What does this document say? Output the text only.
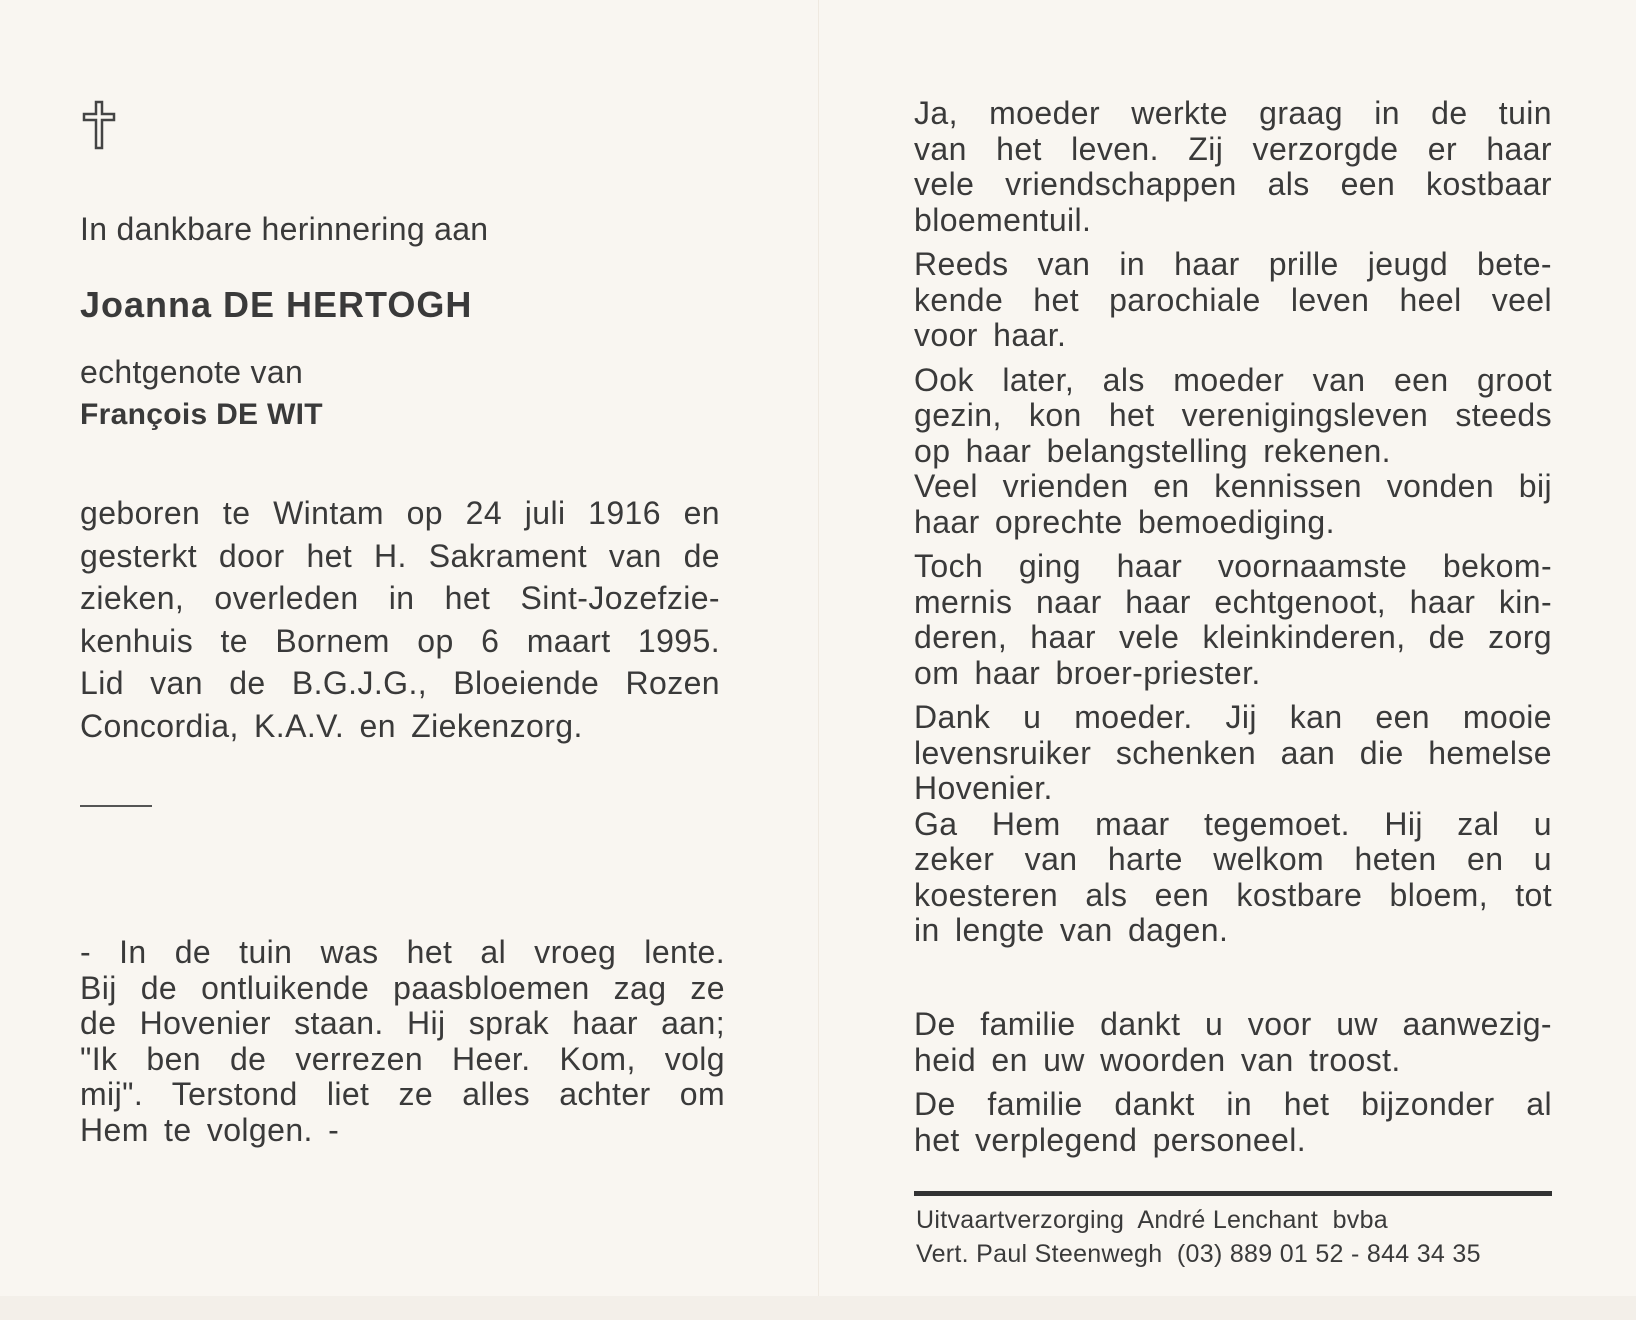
In dankbare herinnering aan
Joanna DE HERTOGH
echtgenote van
François DE WIT
geboren te Wintam op 24 juli 1916 en
gesterkt door het H. Sakrament van de
zieken, overleden in het Sint-Jozefzie-
kenhuis te Bornem op 6 maart 1995.
Lid van de B.G.J.G., Bloeiende Rozen
Concordia, K.A.V. en Ziekenzorg.
- In de tuin was het al vroeg lente.
Bij de ontluikende paasbloemen zag ze
de Hovenier staan. Hij sprak haar aan;
"Ik ben de verrezen Heer. Kom, volg
mij". Terstond liet ze alles achter om
Hem te volgen. -
Ja, moeder werkte graag in de tuin
van het leven. Zij verzorgde er haar
vele vriendschappen als een kostbaar
bloementuil.
Reeds van in haar prille jeugd bete-
kende het parochiale leven heel veel
voor haar.
Ook later, als moeder van een groot
gezin, kon het verenigingsleven steeds
op haar belangstelling rekenen.
Veel vrienden en kennissen vonden bij
haar oprechte bemoediging.
Toch ging haar voornaamste bekom-
mernis naar haar echtgenoot, haar kin-
deren, haar vele kleinkinderen, de zorg
om haar broer-priester.
Dank u moeder. Jij kan een mooie
levensruiker schenken aan die hemelse
Hovenier.
Ga Hem maar tegemoet. Hij zal u
zeker van harte welkom heten en u
koesteren als een kostbare bloem, tot
in lengte van dagen.
De familie dankt u voor uw aanwezig-
heid en uw woorden van troost.
De familie dankt in het bijzonder al
het verplegend personeel.
Uitvaartverzorging  André Lenchant  bvba
Vert. Paul Steenwegh  (03) 889 01 52 - 844 34 35
